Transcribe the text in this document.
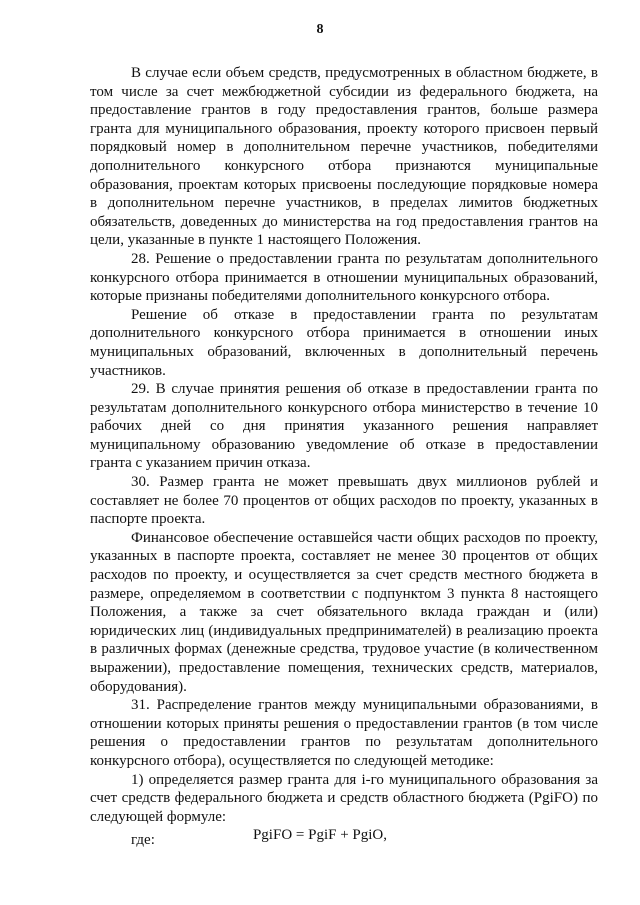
8

В случае если объем средств, предусмотренных в областном бюджете, в том числе за счет межбюджетной субсидии из федерального бюджета, на предоставление грантов в году предоставления грантов, больше размера гранта для муниципального образования, проекту которого присвоен первый порядковый номер в дополнительном перечне участников, победителями дополнительного конкурсного отбора признаются муниципальные образования, проектам которых присвоены последующие порядковые номера в дополнительном перечне участников, в пределах лимитов бюджетных обязательств, доведенных до министерства на год предоставления грантов на цели, указанные в пункте 1 настоящего Положения.

28. Решение о предоставлении гранта по результатам дополнительного конкурсного отбора принимается в отношении муниципальных образований, которые признаны победителями дополнительного конкурсного отбора.

Решение об отказе в предоставлении гранта по результатам дополнительного конкурсного отбора принимается в отношении иных муниципальных образований, включенных в дополнительный перечень участников.

29. В случае принятия решения об отказе в предоставлении гранта по результатам дополнительного конкурсного отбора министерство в течение 10 рабочих дней со дня принятия указанного решения направляет муниципальному образованию уведомление об отказе в предоставлении гранта с указанием причин отказа.

30. Размер гранта не может превышать двух миллионов рублей и составляет не более 70 процентов от общих расходов по проекту, указанных в паспорте проекта.

Финансовое обеспечение оставшейся части общих расходов по проекту, указанных в паспорте проекта, составляет не менее 30 процентов от общих расходов по проекту, и осуществляется за счет средств местного бюджета в размере, определяемом в соответствии с подпунктом 3 пункта 8 настоящего Положения, а также за счет обязательного вклада граждан и (или) юридических лиц (индивидуальных предпринимателей) в реализацию проекта в различных формах (денежные средства, трудовое участие (в количественном выражении), предоставление помещения, технических средств, материалов, оборудования).

31. Распределение грантов между муниципальными образованиями, в отношении которых приняты решения о предоставлении грантов (в том числе решения о предоставлении грантов по результатам дополнительного конкурсного отбора), осуществляется по следующей методике:

1) определяется размер гранта для i-го муниципального образования за счет средств федерального бюджета и средств областного бюджета (PgiFO) по следующей формуле:

PgiFO = PgiF + PgiO,
где:
